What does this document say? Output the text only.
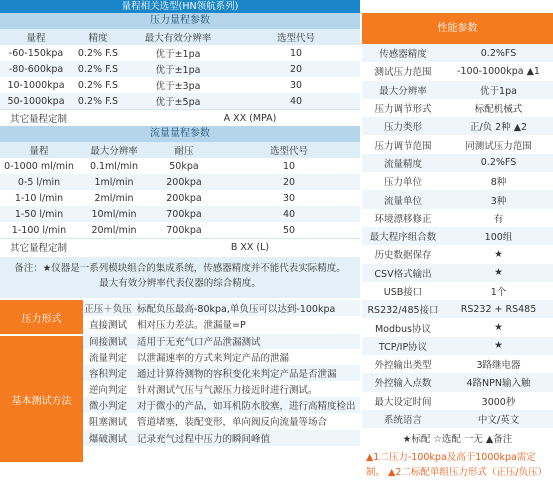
量程相关选型(HN领航系列)
压力量程参数
量程	精度	最大有效分辨率	选型代号
-60-150kpa	0.2% F.S	优于±1pa	10
-80-600kpa	0.2% F.S	优于±1pa	20
10-1000kpa	0.2% F.S	优于±3pa	30
50-1000kpa	0.2% F.S	优于±5pa	40
其它量程定制	A XX (MPA)
流量量程参数
量程	最大分辨率	耐压	选型代号
0-1000 ml/min	0.1ml/min	50kpa	10
0-5 l/min	1ml/min	200kpa	20
1-10 l/min	2ml/min	200kpa	30
1-50 l/min	10ml/min	700kpa	40
1-100 l/min	20ml/min	700kpa	50
其它量程定制	B XX (L)
备注：★仪器是一系列模块组合的集成系统，传感器精度并不能代表实际精度。
最大有效分辨率代表仪器的综合精度。
压力形式
基本测试方法
正压＋负压 标配负压最高-80kpa,单负压可以达到-100kpa
直接测试	相对压力差法。泄漏量=P
间接测试	适用于无充气口产品泄漏测试
流量判定	以泄漏速率的方式来判定产品的泄漏
容积判定	通过计算待测物的容积变化来判定产品是否泄漏
逆向判定	针对测试气压与气源压力接近时进行测试。
微小判定	对于微小的产品，如耳机防水胶塞，进行高精度检出
阻塞测试	管道堵塞，装配变形，单向阀反向流量等场合
爆破测试	记录充气过程中压力的瞬间峰值
性能参数
传感器精度	0.2%FS
测试压力范围	-100-1000kpa ▲1
最大分辨率	优于1pa
压力调节形式	标配机械式
压力类形	正/负 2种 ▲2
压力调节范围	同测试压力范围
流量精度	0.2%FS
压力单位	8种
流量单位	3种
环境漂移修正	有
最大程序组合数	100组
历史数据保存	★
CSV格式输出	★
USB接口	1个
RS232/485接口	RS232 + RS485
Modbus协议	★
TCP/IP协议	★
外控输出类型	3路继电器
外控输入点数	4路NPN输入触
最大设定时间	3000秒
系统语言	中文/英文
★标配 ☆选配 一无 ▲备注
▲1二压力-100kpa及高于1000kpa需定制。 ▲2二标配单组压力形式（正压/负压）
